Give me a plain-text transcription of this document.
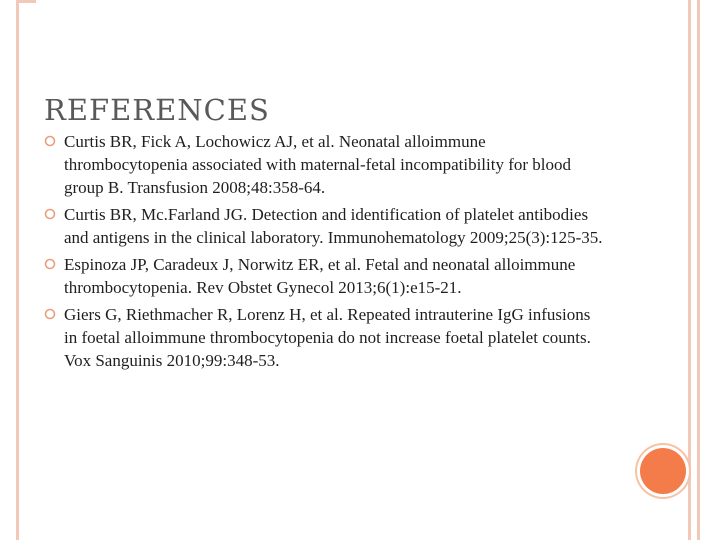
REFERENCES
Curtis BR, Fick A, Lochowicz AJ, et al. Neonatal alloimmune thrombocytopenia associated with maternal-fetal incompatibility for blood group B. Transfusion 2008;48:358-64.
Curtis BR, Mc.Farland JG. Detection and identification of platelet antibodies and antigens in the clinical laboratory. Immunohematology 2009;25(3):125-35.
Espinoza JP, Caradeux J, Norwitz ER, et al. Fetal and neonatal alloimmune thrombocytopenia. Rev Obstet Gynecol 2013;6(1):e15-21.
Giers G, Riethmacher R, Lorenz H, et al. Repeated intrauterine IgG infusions in foetal alloimmune thrombocytopenia do not increase foetal platelet counts. Vox Sanguinis 2010;99:348-53.
